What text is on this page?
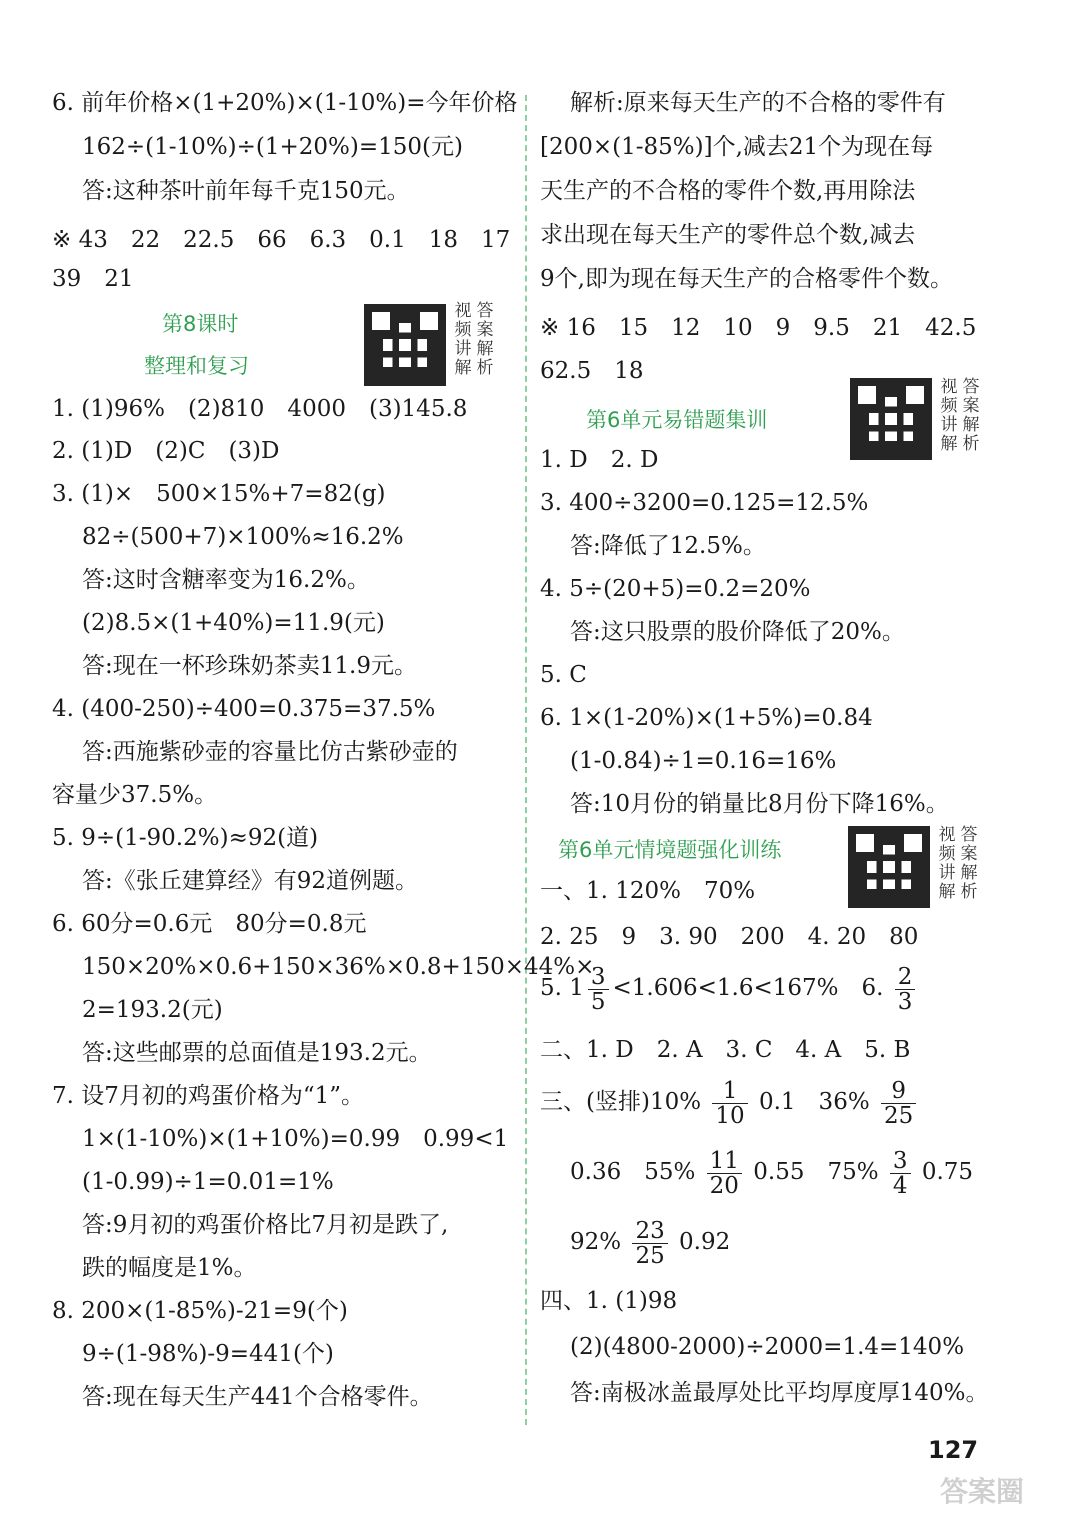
6. 前年价格×(1+20%)×(1-10%)=今年价格
162÷(1-10%)÷(1+20%)=150(元)
答:这种茶叶前年每千克150元。
※ 43　22　22.5　66　6.3　0.1　18　17
39　21
第8课时
整理和复习
视 答
频 案
讲 解
解 析
1. (1)96%　(2)810　4000　(3)145.8
2. (1)D　(2)C　(3)D
3. (1)×　500×15%+7=82(g)
82÷(500+7)×100%≈16.2%
答:这时含糖率变为16.2%。
(2)8.5×(1+40%)=11.9(元)
答:现在一杯珍珠奶茶卖11.9元。
4. (400-250)÷400=0.375=37.5%
答:西施紫砂壶的容量比仿古紫砂壶的
容量少37.5%。
5. 9÷(1-90.2%)≈92(道)
答:《张丘建算经》有92道例题。
6. 60分=0.6元　80分=0.8元
150×20%×0.6+150×36%×0.8+150×44%×
2=193.2(元)
答:这些邮票的总面值是193.2元。
7. 设7月初的鸡蛋价格为“1”。
1×(1-10%)×(1+10%)=0.99　0.99<1
(1-0.99)÷1=0.01=1%
答:9月初的鸡蛋价格比7月初是跌了,
跌的幅度是1%。
8. 200×(1-85%)-21=9(个)
9÷(1-98%)-9=441(个)
答:现在每天生产441个合格零件。
解析:原来每天生产的不合格的零件有
[200×(1-85%)]个,减去21个为现在每
天生产的不合格的零件个数,再用除法
求出现在每天生产的零件总个数,减去
9个,即为现在每天生产的合格零件个数。
※ 16　15　12　10　9　9.5　21　42.5
62.5　18
第6单元易错题集训
视 答
频 案
讲 解
解 析
1. D　2. D
3. 400÷3200=0.125=12.5%
答:降低了12.5%。
4. 5÷(20+5)=0.2=20%
答:这只股票的股价降低了20%。
5. C
6. 1×(1-20%)×(1+5%)=0.84
(1-0.84)÷1=0.16=16%
答:10月份的销量比8月份下降16%。
第6单元情境题强化训练
视 答
频 案
讲 解
解 析
一、1. 120%　70%
2. 25　9　3. 90　200　4. 20　80
5. $1 \frac{3}{5} <1.606<1.6<167\%$　6. $\frac{2}{3}$
二、1. D　2. A　3. C　4. A　5. B
三、(竖排)$10\% \frac{1}{10} 0.1$　$36\% \frac{9}{25}$
0.36　$55\% \frac{11}{20} 0.55$　$75\% \frac{3}{4} 0.75$
$92\% \frac{23}{25} 0.92$
四、1. (1)98
(2)(4800-2000)÷2000=1.4=140%
答:南极冰盖最厚处比平均厚度厚140%。
127
答案圈
